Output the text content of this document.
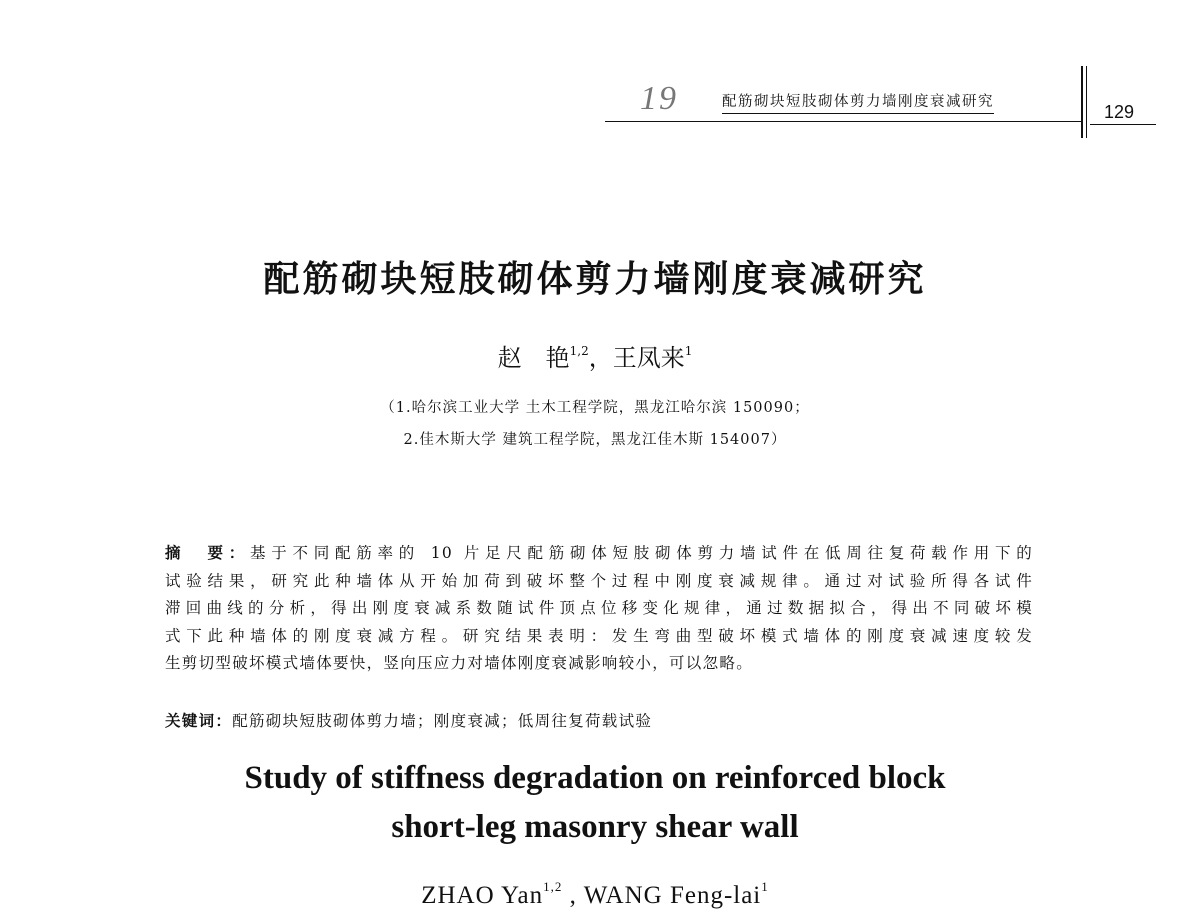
19	配筋砌块短肢砌体剪力墙刚度衰减研究	129
配筋砌块短肢砌体剪力墙刚度衰减研究
赵　艳$^{1,2}$，王凤来$^1$
（1.哈尔滨工业大学 土木工程学院，黑龙江哈尔滨 150090；
2.佳木斯大学 建筑工程学院，黑龙江佳木斯 154007）
摘　要：基于不同配筋率的 10 片足尺配筋砌体短肢砌体剪力墙试件在低周往复荷载作用下的
试验结果，研究此种墙体从开始加荷到破坏整个过程中刚度衰减规律。通过对试验所得各试件
滞回曲线的分析，得出刚度衰减系数随试件顶点位移变化规律，通过数据拟合，得出不同破坏模
式下此种墙体的刚度衰减方程。研究结果表明：发生弯曲型破坏模式墙体的刚度衰减速度较发
生剪切型破坏模式墙体要快，竖向压应力对墙体刚度衰减影响较小，可以忽略。
关键词：配筋砌块短肢砌体剪力墙；刚度衰减；低周往复荷载试验
Study of stiffness degradation on reinforced block
short-leg masonry shear wall
ZHAO Yan$^{1,2}$ , WANG Feng-lai$^1$
